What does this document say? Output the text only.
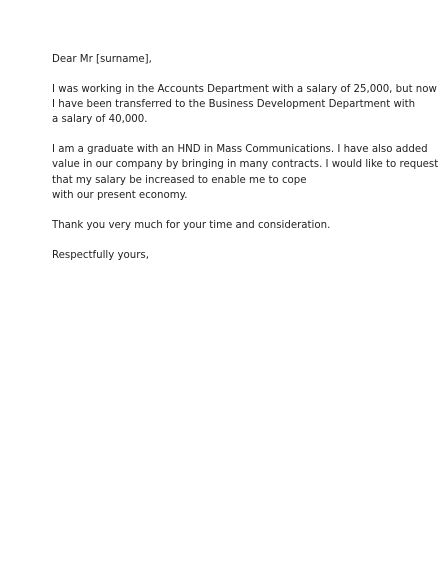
Dear Mr [surname],

I was working in the Accounts Department with a salary of 25,000, but now
I have been transferred to the Business Development Department with
a salary of 40,000.

I am a graduate with an HND in Mass Communications. I have also added
value in our company by bringing in many contracts. I would like to request
that my salary be increased to enable me to cope
with our present economy.

Thank you very much for your time and consideration.

Respectfully yours,
